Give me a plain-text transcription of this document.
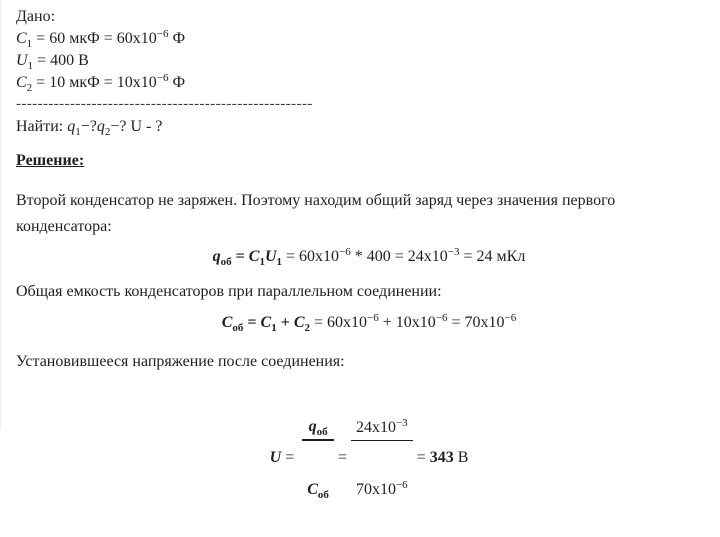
Дано:
$C_1 = 60$ мкФ = $60x10^{-6}$ Ф
$U_1 = 400$ В
$C_2 = 10$ мкФ = $10x10^{-6}$ Ф
-------------------------------------------------------
Найти: $q_1-?q_2-$? U - ?
Решение:
Второй конденсатор не заряжен. Поэтому находим общий заряд через значения первого конденсатора:
$q_{об} = C_1U_1 = 60x10^{-6} * 400 = 24x10^{-3} = 24$ мКл
Общая емкость конденсаторов при параллельном соединении:
$C_{об} = C_1 + C_2 = 60x10^{-6} + 10x10^{-6} = 70x10^{-6}$
Установившееся напряжение после соединения:
U =

$\frac{q_{об}}{C_{об}}$

=

$\frac{24x10^{-3}}{70x10^{-6}}$

= 343 В
